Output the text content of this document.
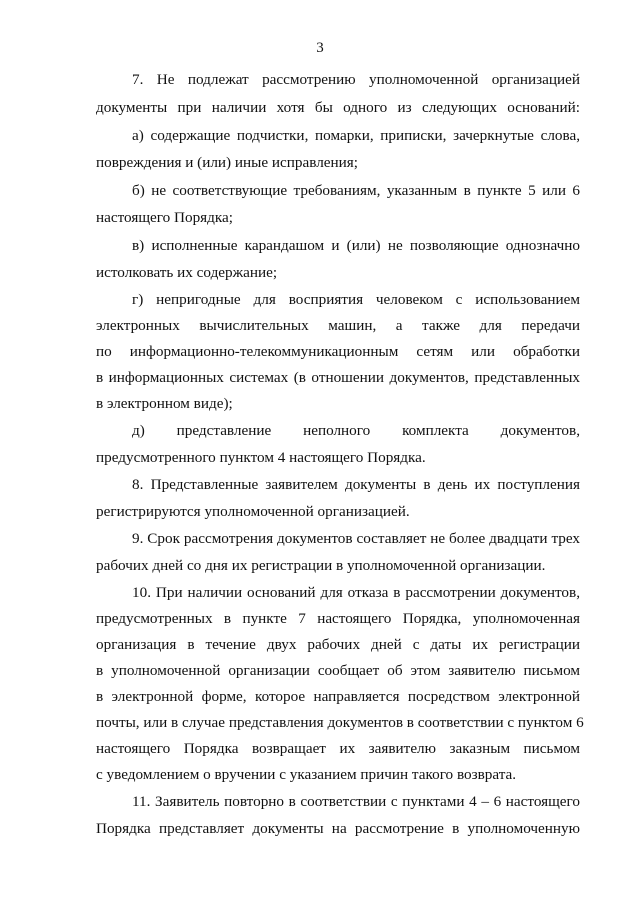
3
7. Не подлежат рассмотрению уполномоченной организацией
документы при наличии хотя бы одного из следующих оснований:
а) содержащие подчистки, помарки, приписки, зачеркнутые слова,
повреждения и (или) иные исправления;
б) не соответствующие требованиям, указанным в пункте 5 или 6
настоящего Порядка;
в) исполненные карандашом и (или) не позволяющие однозначно
истолковать их содержание;
г) непригодные для восприятия человеком с использованием
электронных вычислительных машин, а также для передачи
по информационно-телекоммуникационным сетям или обработки
в информационных системах (в отношении документов, представленных
в электронном виде);
д) представление неполного комплекта документов,
предусмотренного пунктом 4 настоящего Порядка.
8. Представленные заявителем документы в день их поступления
регистрируются уполномоченной организацией.
9. Срок рассмотрения документов составляет не более двадцати трех
рабочих дней со дня их регистрации в уполномоченной организации.
10. При наличии оснований для отказа в рассмотрении документов,
предусмотренных в пункте 7 настоящего Порядка, уполномоченная
организация в течение двух рабочих дней с даты их регистрации
в уполномоченной организации сообщает об этом заявителю письмом
в электронной форме, которое направляется посредством электронной
почты, или в случае представления документов в соответствии с пунктом 6
настоящего Порядка возвращает их заявителю заказным письмом
с уведомлением о вручении с указанием причин такого возврата.
11. Заявитель повторно в соответствии с пунктами 4 – 6 настоящего
Порядка представляет документы на рассмотрение в уполномоченную
